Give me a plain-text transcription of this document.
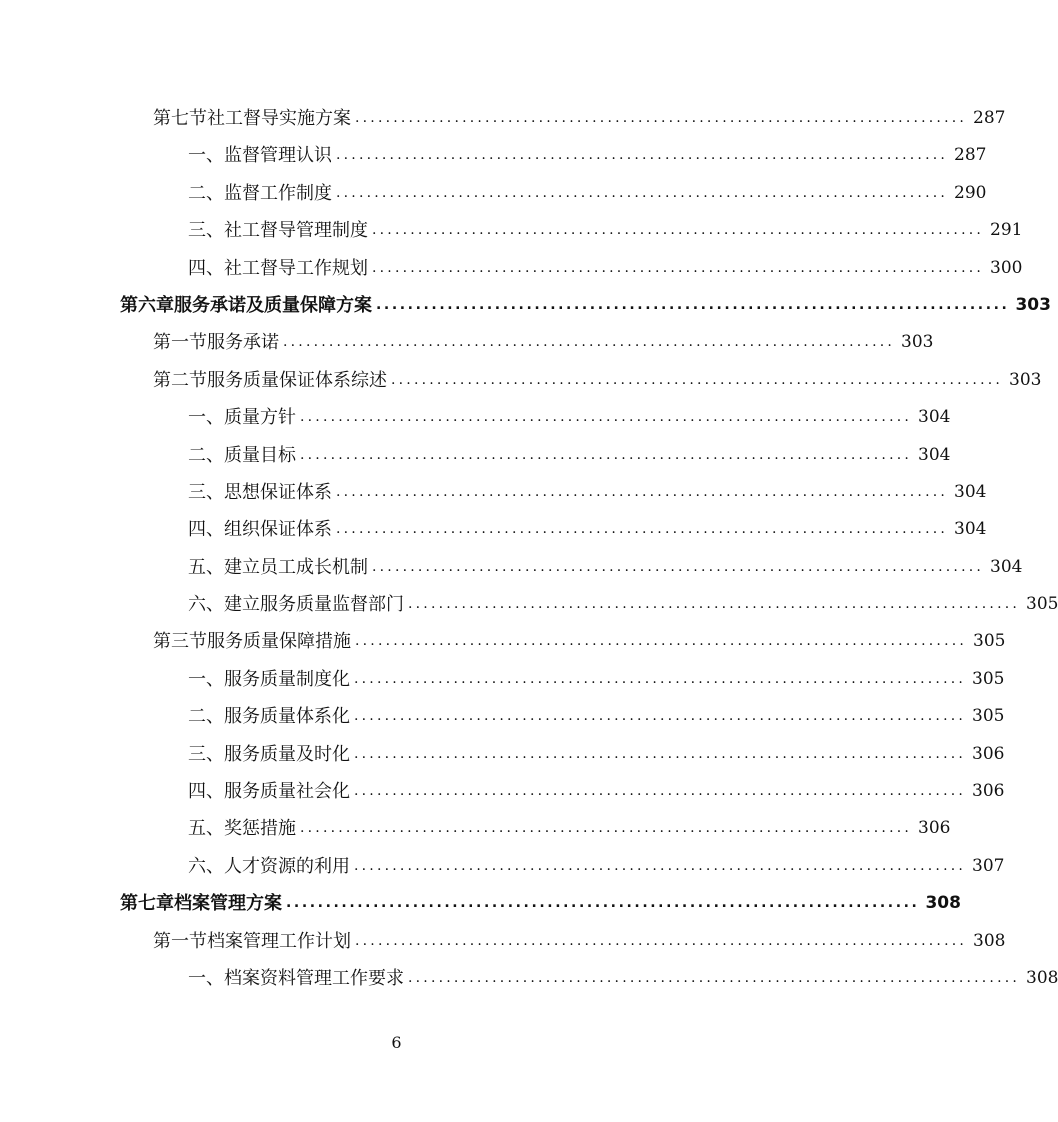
第七节 社工督导实施方案 ................................................................................ 287
一、 监督管理认识 ................................................................................ 287
二、 监督工作制度 ................................................................................ 290
三、 社工督导管理制度 ................................................................................ 291
四、 社工督导工作规划 ................................................................................ 300
第六章 服务承诺及质量保障方案 ................................................................................ 303
第一节 服务承诺 ................................................................................ 303
第二节 服务质量保证体系综述 ................................................................................ 303
一、 质量方针 ................................................................................ 304
二、 质量目标 ................................................................................ 304
三、 思想保证体系 ................................................................................ 304
四、 组织保证体系 ................................................................................ 304
五、 建立员工成长机制 ................................................................................ 304
六、 建立服务质量监督部门 ................................................................................ 305
第三节 服务质量保障措施 ................................................................................ 305
一、 服务质量制度化 ................................................................................ 305
二、 服务质量体系化 ................................................................................ 305
三、 服务质量及时化 ................................................................................ 306
四、 服务质量社会化 ................................................................................ 306
五、 奖惩措施 ................................................................................ 306
六、 人才资源的利用 ................................................................................ 307
第七章 档案管理方案 ................................................................................ 308
第一节 档案管理工作计划 ................................................................................ 308
一、 档案资料管理工作要求 ................................................................................ 308
6
